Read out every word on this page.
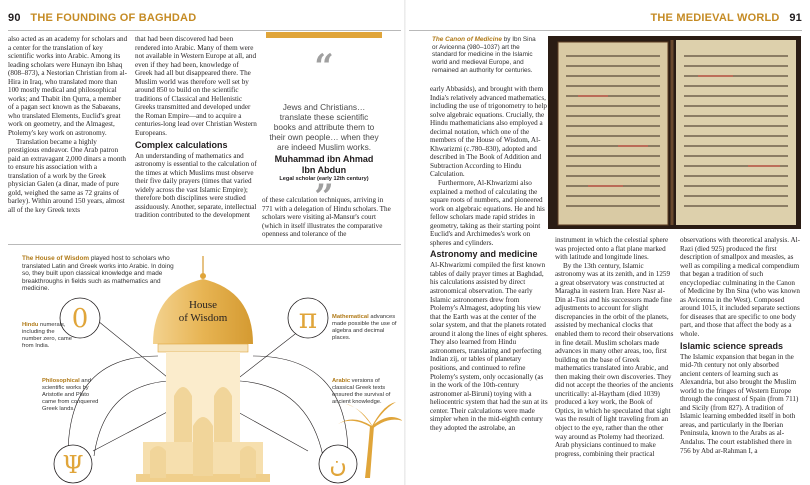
90 THE FOUNDING OF BAGHDAD	THE MEDIEVAL WORLD 91

also acted as an academy for scholars and a center for the translation of key scientific works into Arabic. Among its leading scholars were Hunayn ibn Ishaq (808–873), a Nestorian Christian from al-Hira in Iraq, who translated more than 100 mostly medical and philosophical works; and Thabit ibn Qurra, a member of a pagan sect known as the Sabaeans, who translated Elements, Euclid's great work on geometry, and the Almagest, Ptolemy's key work on astronomy.

Translation became a highly prestigious endeavor. One Arab patron paid an extravagant 2,000 dinars a month to ensure his association with a translation of a work by the Greek physician Galen (a dinar, made of pure gold, weighed the same as 72 grains of barley). Within around 150 years, almost all of the key Greek texts

that had been discovered had been rendered into Arabic. Many of them were not available in Western Europe at all, and even if they had been, knowledge of Greek had all but disappeared there. The Muslim world was therefore well set by around 850 to build on the scientific traditions of Classical and Hellenistic Greeks transmitted and developed under the Roman Empire—and to acquire a centuries-long lead over Christian Western Europeans.

Complex calculations

An understanding of mathematics and astronomy is essential to the calculation of the times at which Muslims must observe their five daily prayers (times that varied widely across the vast Islamic Empire); therefore both disciplines were studied assiduously. Another, separate, intellectual tradition contributed to the development

“
Jews and Christians… translate these scientific books and attribute them to their own people… when they are indeed Muslim works.
Muhammad ibn Ahmad Ibn Abdun
Legal scholar (early 12th century)
”

of these calculation techniques, arriving in 771 with a delegation of Hindu scholars. The scholars were visiting al-Mansur's court (which in itself illustrates the comparative openness and tolerance of the

House
of Wisdom
0	π
Ψ	ن

The House of Wisdom played host to scholars who translated Latin and Greek works into Arabic. In doing so, they built upon classical knowledge and made breakthroughs in fields such as mathematics and medicine.

Hindu numerals, including the number zero, came from India.

Philosophical and scientific works by Aristotle and Plato came from conquered Greek lands.

Mathematical advances made possible the use of algebra and decimal places.

Arabic versions of classical Greek texts ensured the survival of ancient knowledge.

The Canon of Medicine by Ibn Sina or Avicenna (980–1037) art the standard for medicine in the Islamic world and medieval Europe, and remained an authority for centuries.

early Abbasids), and brought with them India's relatively advanced mathematics, including the use of trigonometry to help solve algebraic equations. Crucially, the Hindu mathematicians also employed a decimal notation, which one of the members of the House of Wisdom, Al-Khwarizmi (c.780–830), adopted and described in The Book of Addition and Subtraction According to Hindu Calculation.

Furthermore, Al-Khwarizmi also explained a method of calculating the square roots of numbers, and pioneered work on algebraic equations. He and his fellow scholars made rapid strides in geometry, taking as their starting point Euclid's and Archimedes's work on spheres and cylinders.

Astronomy and medicine

Al-Khwarizmi compiled the first known tables of daily prayer times at Baghdad, his calculations assisted by direct astronomical observation. The early Islamic astronomers drew from Ptolemy's Almagest, adopting his view that the Earth was at the center of the solar system, and that the planets rotated around it along the lines of eight spheres. They also learned from Hindu astronomers, translating and perfecting Indian zij, or tables of planetary positions, and continued to refine Ptolemy's system, only occasionally (as in the work of the 10th-century astronomer al-Biruni) toying with a heliocentric system that had the sun at its center. Their calculations were made simpler when in the mid-eighth century they adopted the astrolabe, an

instrument in which the celestial sphere was projected onto a flat plane marked with latitude and longitude lines.

By the 13th century, Islamic astronomy was at its zenith, and in 1259 a great observatory was constructed at Maragha in eastern Iran. Here Nasr al-Din al-Tusi and his successors made fine adjustments to account for slight discrepancies in the orbit of the planets, assisted by mechanical clocks that enabled them to record their observations in fine detail. Muslim scholars made advances in many other areas, too, first building on the base of Greek mathematics translated into Arabic, and then making their own discoveries. They did not accept the theories of the ancients uncritically: al-Haytham (died 1039) produced a key work, the Book of Optics, in which he speculated that sight was the result of light traveling from an object to the eye, rather than the other way around as Ptolemy had theorized. Arab physicians continued to make progress, combining their practical

observations with theoretical analysis. Al-Razi (died 925) produced the first description of smallpox and measles, as well as compiling a medical compendium that began a tradition of such encyclopediac culminating in the Canon of Medicine by Ibn Sina (who was known as Avicenna in the West). Composed around 1015, it included separate sections for diseases that are specific to one body part, and those that affect the body as a whole.

Islamic science spreads

The Islamic expansion that began in the mid-7th century not only absorbed ancient centers of learning such as Alexandria, but also brought the Muslim world to the fringes of Western Europe through the conquest of Spain (from 711) and Sicily (from 827). A tradition of Islamic learning embedded itself in both areas, and particularly in the Iberian Peninsula, known to the Arabs as al-Andalus. The court established there in 756 by Abd ar-Rahman I, a
